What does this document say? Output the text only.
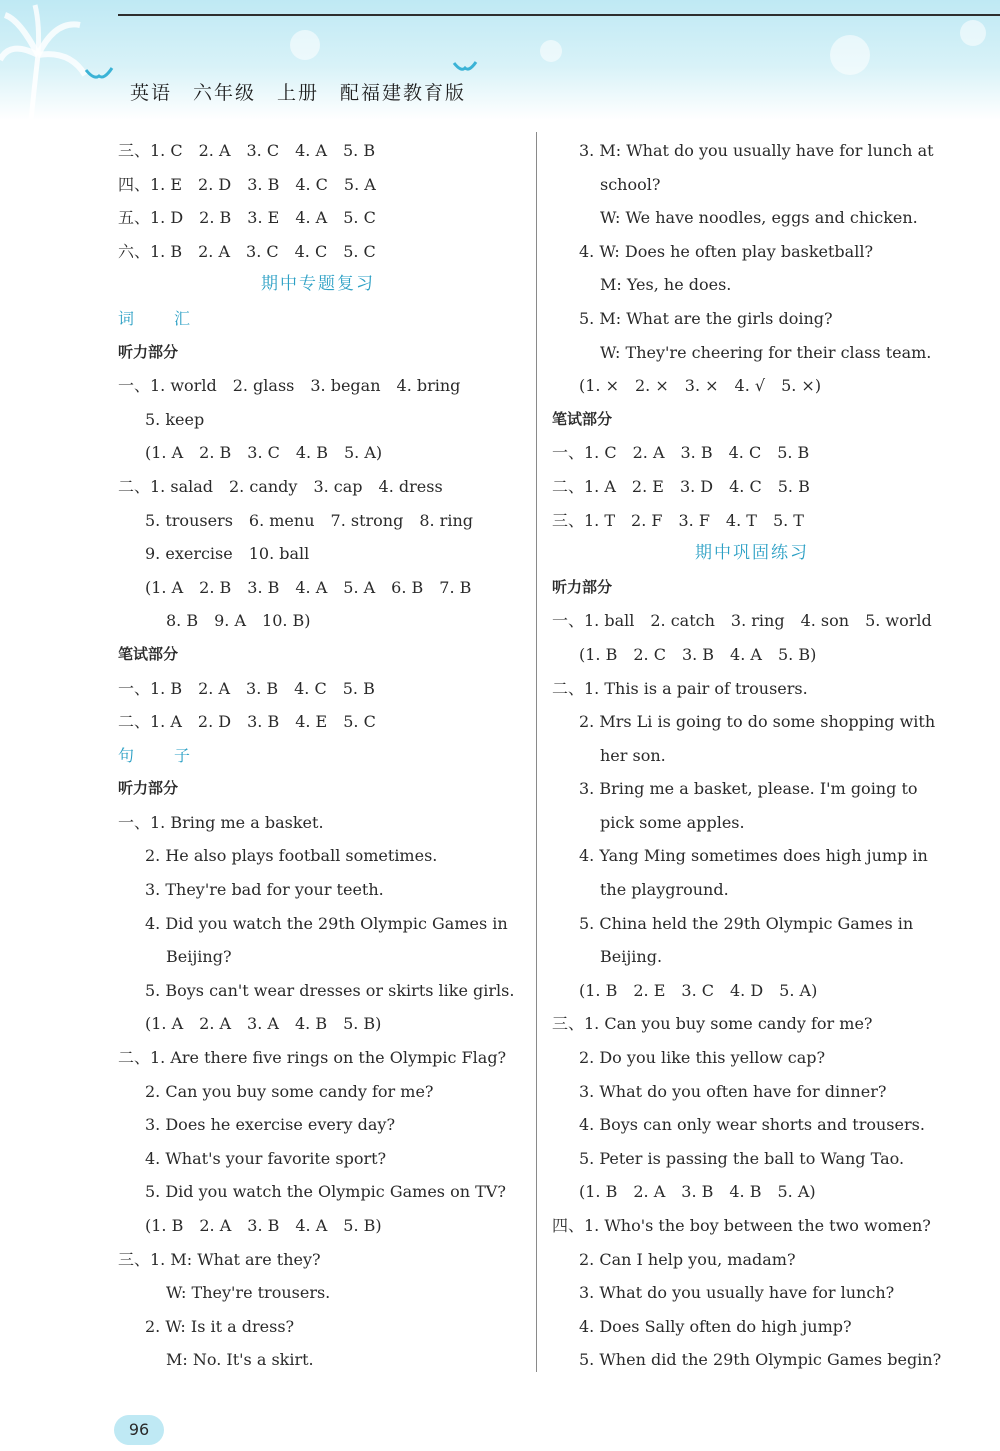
英语　六年级　上册　配福建教育版
三、1. C　2. A　3. C　4. A　5. B
四、1. E　2. D　3. B　4. C　5. A
五、1. D　2. B　3. E　4. A　5. C
六、1. B　2. A　3. C　4. C　5. C
期中专题复习
词　汇
听力部分
一、1. world　2. glass　3. began　4. bring
5. keep
(1. A　2. B　3. C　4. B　5. A)
二、1. salad　2. candy　3. cap　4. dress
5. trousers　6. menu　7. strong　8. ring
9. exercise　10. ball
(1. A　2. B　3. B　4. A　5. A　6. B　7. B
8. B　9. A　10. B)
笔试部分
一、1. B　2. A　3. B　4. C　5. B
二、1. A　2. D　3. B　4. E　5. C
句　子
听力部分
一、1. Bring me a basket.
2. He also plays football sometimes.
3. They're bad for your teeth.
4. Did you watch the 29th Olympic Games in
Beijing?
5. Boys can't wear dresses or skirts like girls.
(1. A　2. A　3. A　4. B　5. B)
二、1. Are there five rings on the Olympic Flag?
2. Can you buy some candy for me?
3. Does he exercise every day?
4. What's your favorite sport?
5. Did you watch the Olympic Games on TV?
(1. B　2. A　3. B　4. A　5. B)
三、1. M: What are they?
W: They're trousers.
2. W: Is it a dress?
M: No. It's a skirt.
3. M: What do you usually have for lunch at
school?
W: We have noodles, eggs and chicken.
4. W: Does he often play basketball?
M: Yes, he does.
5. M: What are the girls doing?
W: They're cheering for their class team.
(1. ×　2. ×　3. ×　4. √　5. ×)
笔试部分
一、1. C　2. A　3. B　4. C　5. B
二、1. A　2. E　3. D　4. C　5. B
三、1. T　2. F　3. F　4. T　5. T
期中巩固练习
听力部分
一、1. ball　2. catch　3. ring　4. son　5. world
(1. B　2. C　3. B　4. A　5. B)
二、1. This is a pair of trousers.
2. Mrs Li is going to do some shopping with
her son.
3. Bring me a basket, please. I'm going to
pick some apples.
4. Yang Ming sometimes does high jump in
the playground.
5. China held the 29th Olympic Games in
Beijing.
(1. B　2. E　3. C　4. D　5. A)
三、1. Can you buy some candy for me?
2. Do you like this yellow cap?
3. What do you often have for dinner?
4. Boys can only wear shorts and trousers.
5. Peter is passing the ball to Wang Tao.
(1. B　2. A　3. B　4. B　5. A)
四、1. Who's the boy between the two women?
2. Can I help you, madam?
3. What do you usually have for lunch?
4. Does Sally often do high jump?
5. When did the 29th Olympic Games begin?
96
